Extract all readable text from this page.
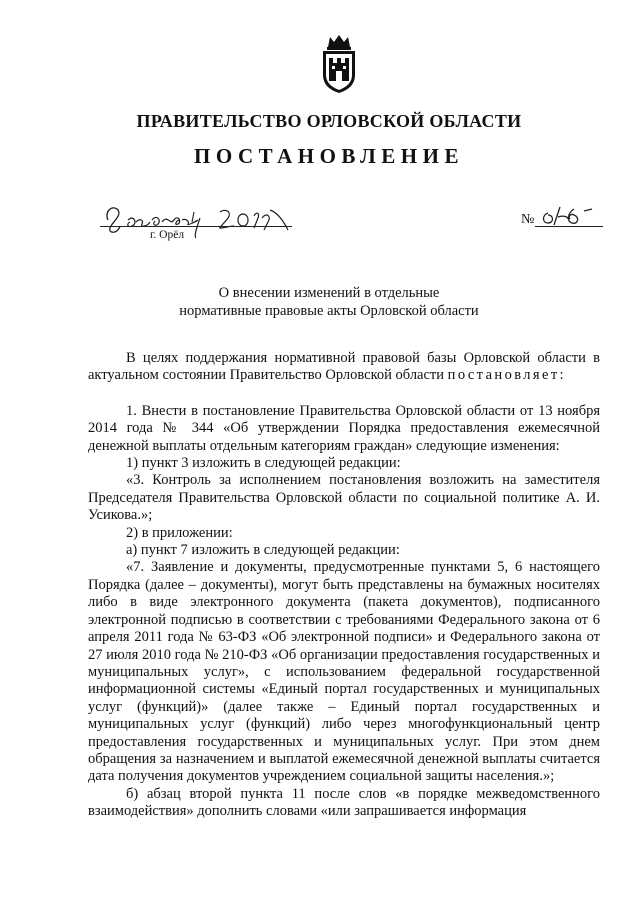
ПРАВИТЕЛЬСТВО ОРЛОВСКОЙ ОБЛАСТИ
ПОСТАНОВЛЕНИЕ
г. Орёл
№
О внесении изменений в отдельные
нормативные правовые акты Орловской области

В целях поддержания нормативной правовой базы Орловской области в актуальном состоянии Правительство Орловской области постановляет:

1. Внести в постановление Правительства Орловской области от 13 ноября 2014 года № 344 «Об утверждении Порядка предоставления ежемесячной денежной выплаты отдельным категориям граждан» следующие изменения:

1) пункт 3 изложить в следующей редакции:

«3. Контроль за исполнением постановления возложить на заместителя Председателя Правительства Орловской области по социальной политике А. И. Усикова.»;

2) в приложении:

а) пункт 7 изложить в следующей редакции:

«7. Заявление и документы, предусмотренные пунктами 5, 6 настоящего Порядка (далее – документы), могут быть представлены на бумажных носителях либо в виде электронного документа (пакета документов), подписанного электронной подписью в соответствии с требованиями Федерального закона от 6 апреля 2011 года № 63-ФЗ «Об электронной подписи» и Федерального закона от 27 июля 2010 года № 210-ФЗ «Об организации предоставления государственных и муниципальных услуг», с использованием федеральной государственной информационной системы «Единый портал государственных и муниципальных услуг (функций)» (далее также – Единый портал государственных и муниципальных услуг (функций) либо через многофункциональный центр предоставления государственных и муниципальных услуг. При этом днем обращения за назначением и выплатой ежемесячной денежной выплаты считается дата получения документов учреждением социальной защиты населения.»;

б) абзац второй пункта 11 после слов «в порядке межведомственного взаимодействия» дополнить словами «или запрашивается информация
